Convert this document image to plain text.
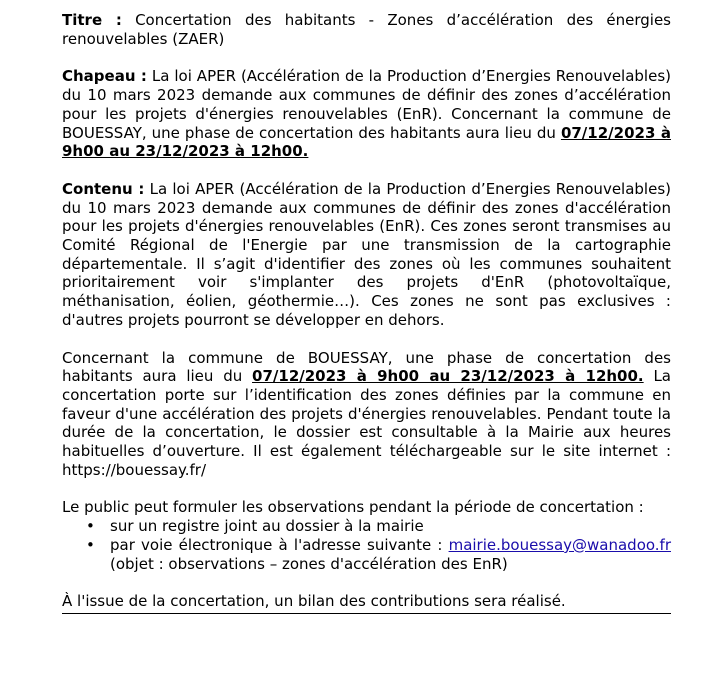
Titre : Concertation des habitants - Zones d’accélération des énergies renouvelables (ZAER)

Chapeau : La loi APER (Accélération de la Production d’Energies Renouvelables) du 10 mars 2023 demande aux communes de définir des zones d’accélération pour les projets d'énergies renouvelables (EnR). Concernant la commune de BOUESSAY, une phase de concertation des habitants aura lieu du 07/12/2023 à 9h00 au 23/12/2023 à 12h00.

Contenu : La loi APER (Accélération de la Production d’Energies Renouvelables) du 10 mars 2023 demande aux communes de définir des zones d'accélération pour les projets d'énergies renouvelables (EnR). Ces zones seront transmises au Comité Régional de l'Energie par une transmission de la cartographie départementale. Il s’agit d'identifier des zones où les communes souhaitent prioritairement voir s'implanter des projets d'EnR (photovoltaïque, méthanisation, éolien, géothermie…). Ces zones ne sont pas exclusives : d'autres projets pourront se développer en dehors.

Concernant la commune de BOUESSAY, une phase de concertation des habitants aura lieu du 07/12/2023 à 9h00 au 23/12/2023 à 12h00. La concertation porte sur l’identification des zones définies par la commune en faveur d'une accélération des projets d'énergies renouvelables. Pendant toute la durée de la concertation, le dossier est consultable à la Mairie aux heures habituelles d’ouverture. Il est également téléchargeable sur le site internet : https://bouessay.fr/

Le public peut formuler les observations pendant la période de concertation :

• sur un registre joint au dossier à la mairie
• par voie électronique à l'adresse suivante : mairie.bouessay@wanadoo.fr (objet : observations – zones d'accélération des EnR)

À l'issue de la concertation, un bilan des contributions sera réalisé.
